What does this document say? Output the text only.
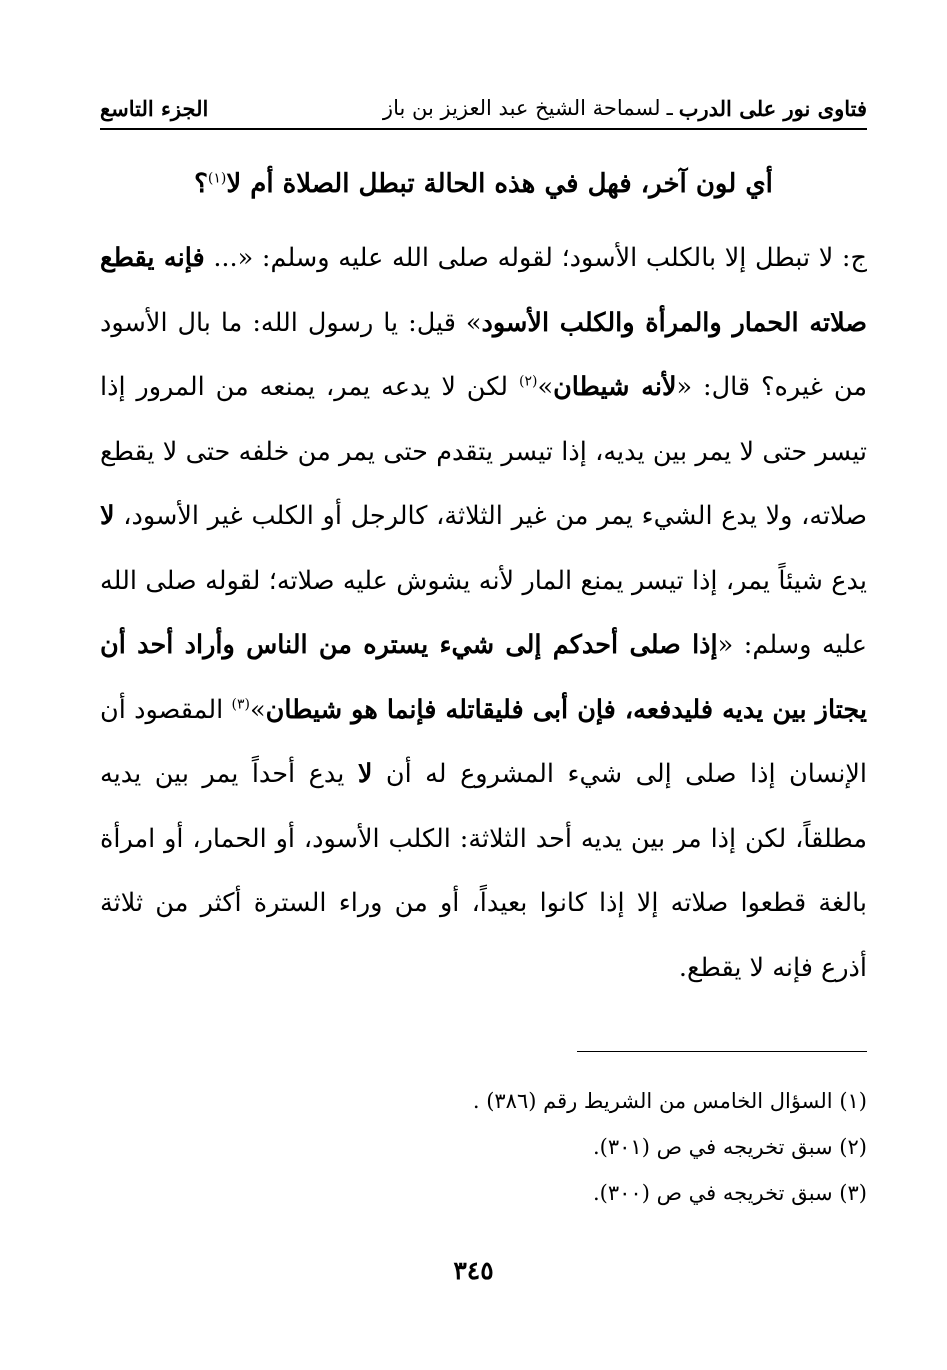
فتاوى نور على الدرب
ـ
لسماحة الشيخ عبد العزيز بن باز
الجزء التاسع
أي لون آخر، فهل في هذه الحالة تبطل الصلاة أم لا$^{(١)}$؟
ج: لا تبطل إلا بالكلب الأسود؛ لقوله صلى الله عليه وسلم: «... فإنه يقطع صلاته الحمار والمرأة والكلب الأسود» قيل: يا رسول الله: ما بال الأسود من غيره؟ قال: «لأنه شيطان»$^{(٢)}$ لكن لا يدعه يمر، يمنعه من المرور إذا تيسر حتى لا يمر بين يديه، إذا تيسر يتقدم حتى يمر من خلفه حتى لا يقطع صلاته، ولا يدع الشيء يمر من غير الثلاثة، كالرجل أو الكلب غير الأسود، لا يدع شيئاً يمر، إذا تيسر يمنع المار لأنه يشوش عليه صلاته؛ لقوله صلى الله عليه وسلم: «إذا صلى أحدكم إلى شيء يستره من الناس وأراد أحد أن يجتاز بين يديه فليدفعه، فإن أبى فليقاتله فإنما هو شيطان»$^{(٣)}$ المقصود أن الإنسان إذا صلى إلى شيء المشروع له أن لا يدع أحداً يمر بين يديه مطلقاً، لكن إذا مر بين يديه أحد الثلاثة: الكلب الأسود، أو الحمار، أو امرأة بالغة قطعوا صلاته إلا إذا كانوا بعيداً، أو من وراء السترة أكثر من ثلاثة أذرع فإنه لا يقطع.
(١) السؤال الخامس من الشريط رقم (٣٨٦) .
(٢) سبق تخريجه في ص (٣٠١).
(٣) سبق تخريجه في ص (٣٠٠).
٣٤٥
